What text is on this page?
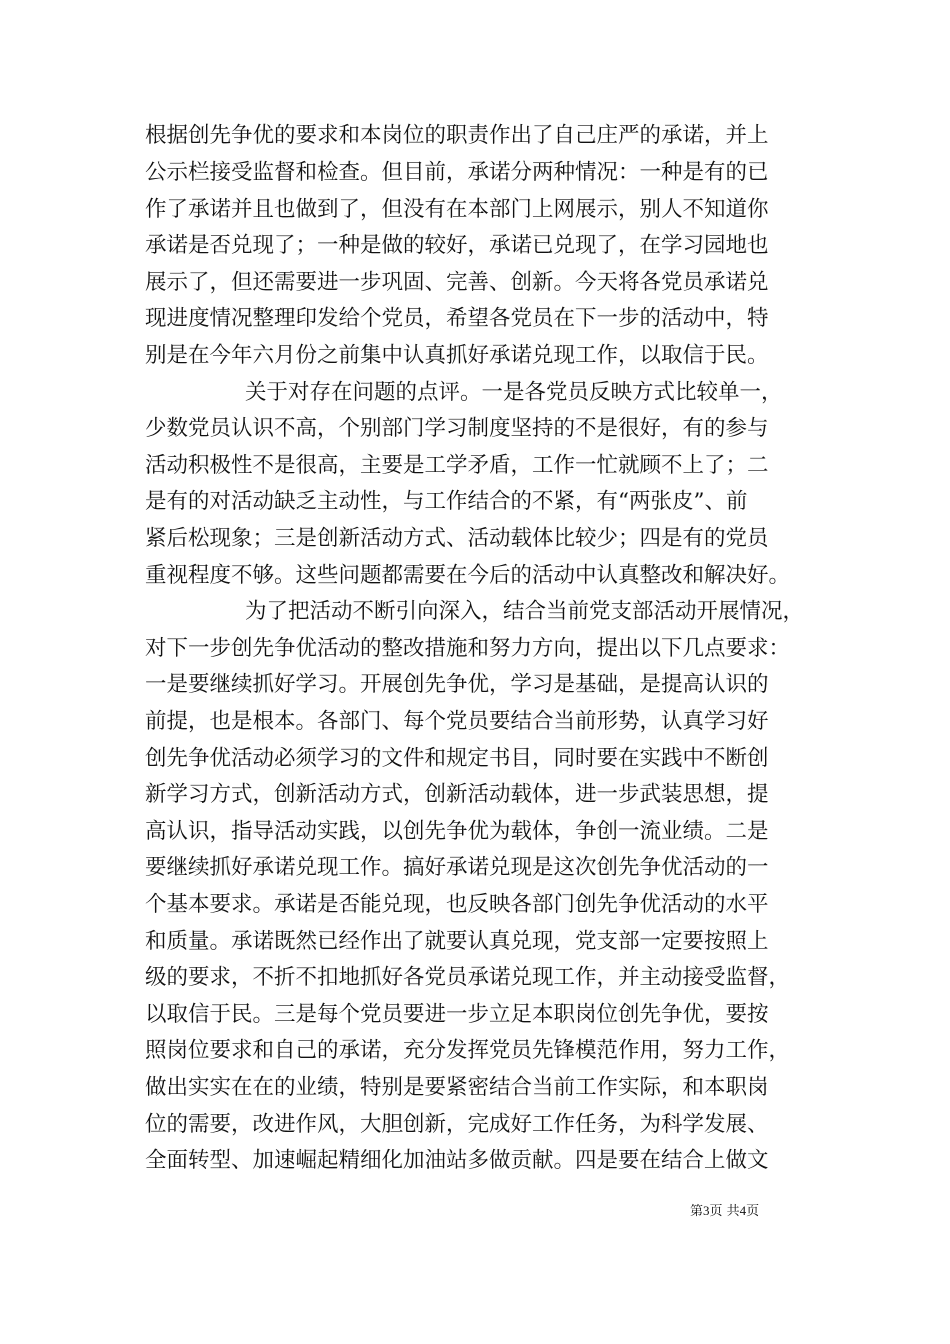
根据创先争优的要求和本岗位的职责作出了自己庄严的承诺，并上
公示栏接受监督和检查。但目前，承诺分两种情况：一种是有的已
作了承诺并且也做到了，但没有在本部门上网展示，别人不知道你
承诺是否兑现了；一种是做的较好，承诺已兑现了，在学习园地也
展示了，但还需要进一步巩固、完善、创新。今天将各党员承诺兑
现进度情况整理印发给个党员，希望各党员在下一步的活动中，特
别是在今年六月份之前集中认真抓好承诺兑现工作，以取信于民。
关于对存在问题的点评。一是各党员反映方式比较单一，
少数党员认识不高，个别部门学习制度坚持的不是很好，有的参与
活动积极性不是很高，主要是工学矛盾，工作一忙就顾不上了；二
是有的对活动缺乏主动性，与工作结合的不紧，有“两张皮”、前
紧后松现象；三是创新活动方式、活动载体比较少；四是有的党员
重视程度不够。这些问题都需要在今后的活动中认真整改和解决好。
为了把活动不断引向深入，结合当前党支部活动开展情况，
对下一步创先争优活动的整改措施和努力方向，提出以下几点要求：
一是要继续抓好学习。开展创先争优，学习是基础，是提高认识的
前提，也是根本。各部门、每个党员要结合当前形势，认真学习好
创先争优活动必须学习的文件和规定书目，同时要在实践中不断创
新学习方式，创新活动方式，创新活动载体，进一步武装思想，提
高认识，指导活动实践，以创先争优为载体，争创一流业绩。二是
要继续抓好承诺兑现工作。搞好承诺兑现是这次创先争优活动的一
个基本要求。承诺是否能兑现，也反映各部门创先争优活动的水平
和质量。承诺既然已经作出了就要认真兑现，党支部一定要按照上
级的要求，不折不扣地抓好各党员承诺兑现工作，并主动接受监督，
以取信于民。三是每个党员要进一步立足本职岗位创先争优，要按
照岗位要求和自己的承诺，充分发挥党员先锋模范作用，努力工作，
做出实实在在的业绩，特别是要紧密结合当前工作实际，和本职岗
位的需要，改进作风，大胆创新，完成好工作任务，为科学发展、
全面转型、加速崛起精细化加油站多做贡献。四是要在结合上做文
第3页 共4页
